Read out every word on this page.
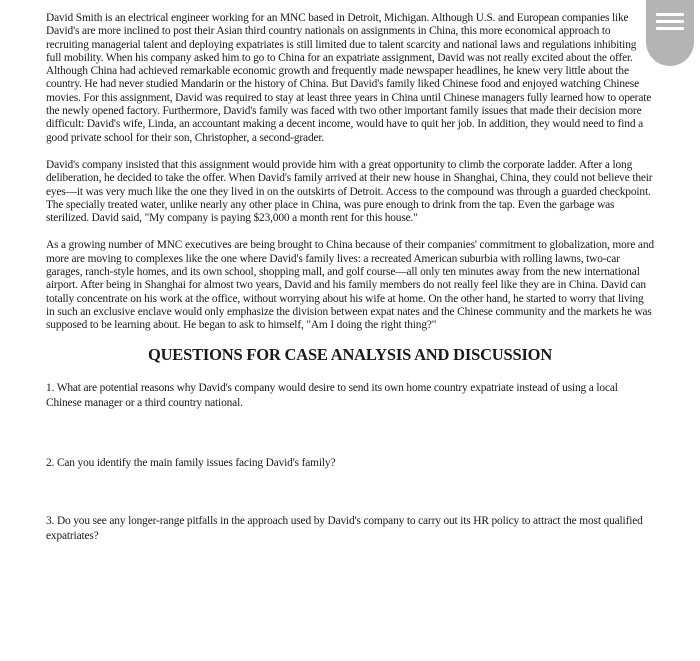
David Smith is an electrical engineer working for an MNC based in Detroit, Michigan. Although U.S. and European companies like David's are more inclined to post their Asian third country nationals on assignments in China, this more economical approach to recruiting managerial talent and deploying expatriates is still limited due to talent scarcity and national laws and regulations inhibiting full mobility. When his company asked him to go to China for an expatriate assignment, David was not really excited about the offer. Although China had achieved remarkable economic growth and frequently made newspaper headlines, he knew very little about the country. He had never studied Mandarin or the history of China. But David's family liked Chinese food and enjoyed watching Chinese movies. For this assignment, David was required to stay at least three years in China until Chinese managers fully learned how to operate the newly opened factory. Furthermore, David's family was faced with two other important family issues that made their decision more difficult: David's wife, Linda, an accountant making a decent income, would have to quit her job. In addition, they would need to find a good private school for their son, Christopher, a second-grader.

David's company insisted that this assignment would provide him with a great opportunity to climb the corporate ladder. After a long deliberation, he decided to take the offer. When David's family arrived at their new house in Shanghai, China, they could not believe their eyes—it was very much like the one they lived in on the outskirts of Detroit. Access to the compound was through a guarded checkpoint. The specially treated water, unlike nearly any other place in China, was pure enough to drink from the tap. Even the garbage was sterilized. David said, "My company is paying $23,000 a month rent for this house."

As a growing number of MNC executives are being brought to China because of their companies' commitment to globalization, more and more are moving to complexes like the one where David's family lives: a recreated American suburbia with rolling lawns, two-car garages, ranch-style homes, and its own school, shopping mall, and golf course—all only ten minutes away from the new international airport. After being in Shanghai for almost two years, David and his family members do not really feel like they are in China. David can totally concentrate on his work at the office, without worrying about his wife at home. On the other hand, he started to worry that living in such an exclusive enclave would only emphasize the division between expat nates and the Chinese community and the markets he was supposed to be learning about. He began to ask to himself, "Am I doing the right thing?"

QUESTIONS FOR CASE ANALYSIS AND DISCUSSION

1. What are potential reasons why David's company would desire to send its own home country expatriate instead of using a local Chinese manager or a third country national.

2. Can you identify the main family issues facing David's family?

3. Do you see any longer-range pitfalls in the approach used by David's company to carry out its HR policy to attract the most qualified expatriates?
